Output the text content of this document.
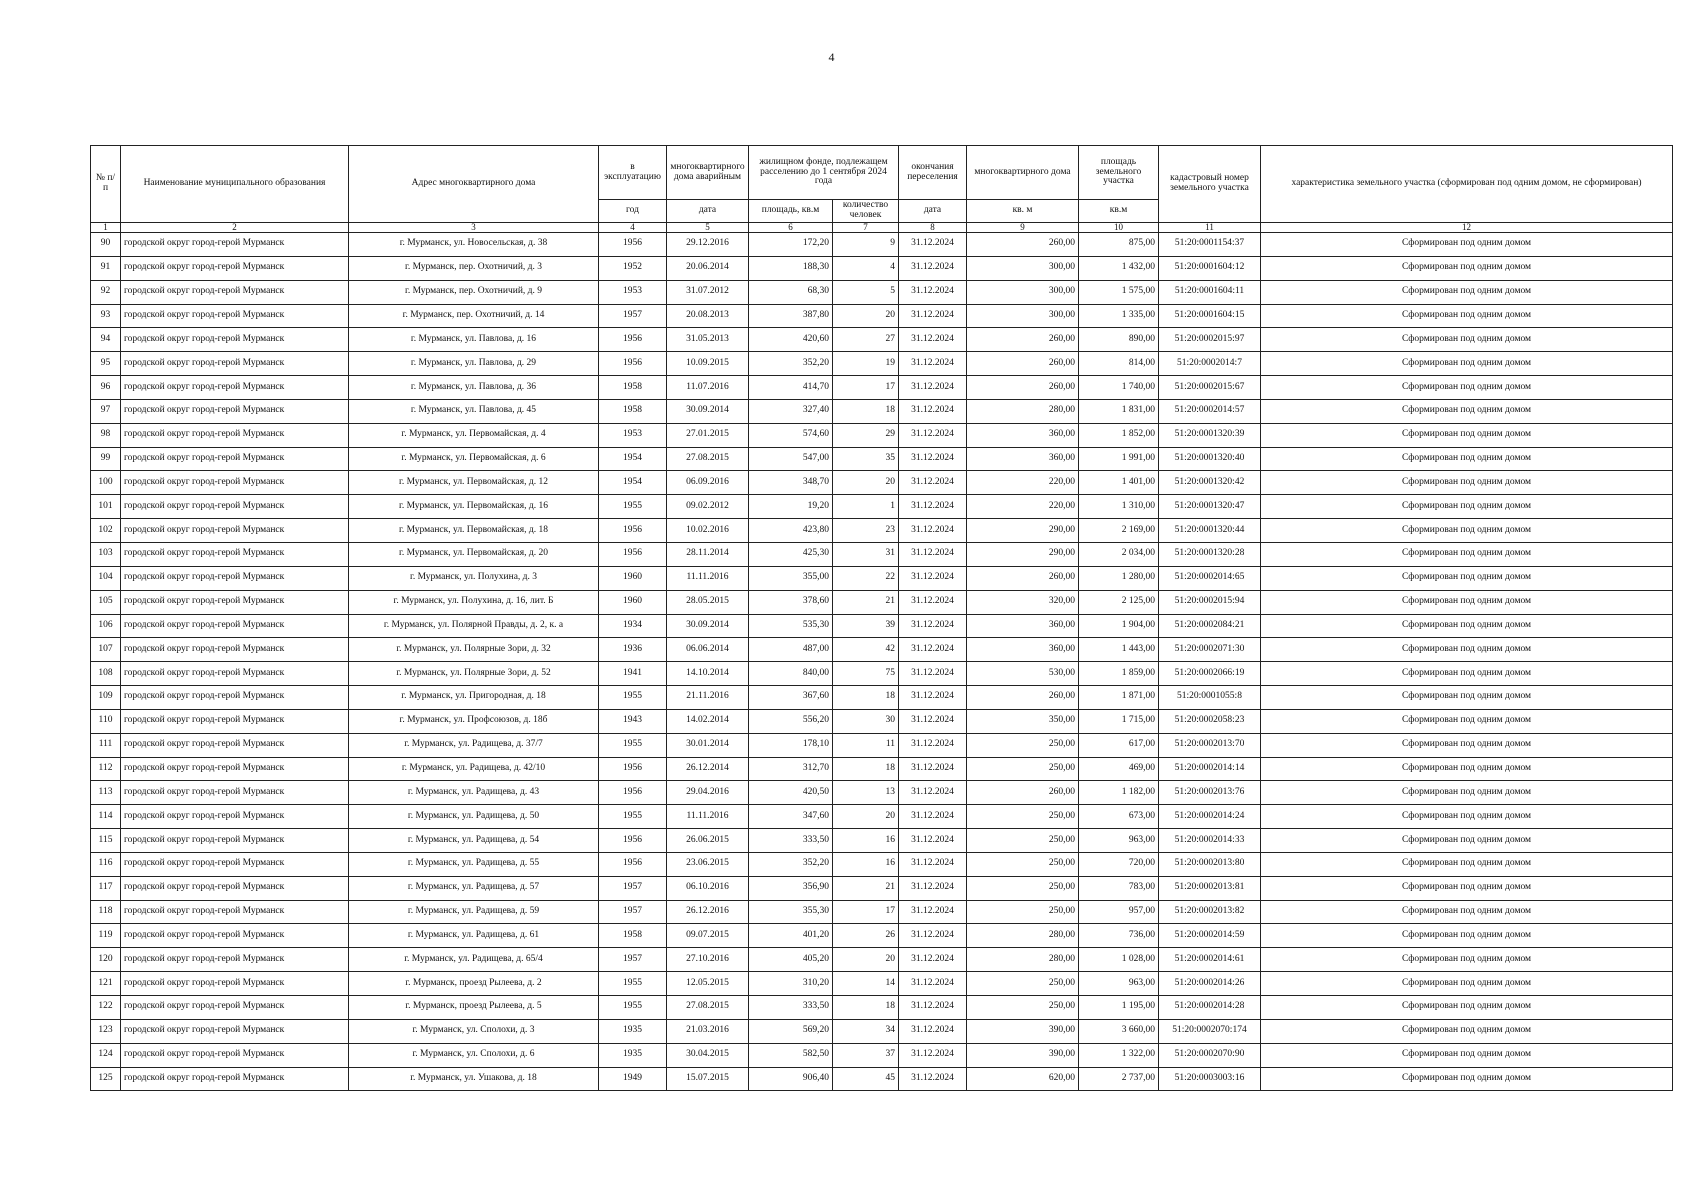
4
№ п/п	Наименование муниципального образования	Адрес многоквартирного дома	в эксплуатацию	многоквартирного дома аварийным	жилищном фонде, подлежащем расселению до 1 сентября 2024 года		окончания переселения	многоквартирного дома	площадь земельного участка	кадастровый номер земельного участка	характеристика земельного участка (сформирован под одним домом, не сформирован)
			год	дата	площадь, кв.м	количество человек	дата	кв. м	кв.м		
1	2	3	4	5	6	7	8	9	10	11	12
90	городской округ город-герой Мурманск	г. Мурманск, ул. Новосельская, д. 38	1956	29.12.2016	172,20	9	31.12.2024	260,00	875,00	51:20:0001154:37	Сформирован под одним домом
91	городской округ город-герой Мурманск	г. Мурманск, пер. Охотничий, д. 3	1952	20.06.2014	188,30	4	31.12.2024	300,00	1 432,00	51:20:0001604:12	Сформирован под одним домом
92	городской округ город-герой Мурманск	г. Мурманск, пер. Охотничий, д. 9	1953	31.07.2012	68,30	5	31.12.2024	300,00	1 575,00	51:20:0001604:11	Сформирован под одним домом
93	городской округ город-герой Мурманск	г. Мурманск, пер. Охотничий, д. 14	1957	20.08.2013	387,80	20	31.12.2024	300,00	1 335,00	51:20:0001604:15	Сформирован под одним домом
94	городской округ город-герой Мурманск	г. Мурманск, ул. Павлова, д. 16	1956	31.05.2013	420,60	27	31.12.2024	260,00	890,00	51:20:0002015:97	Сформирован под одним домом
95	городской округ город-герой Мурманск	г. Мурманск, ул. Павлова, д. 29	1956	10.09.2015	352,20	19	31.12.2024	260,00	814,00	51:20:0002014:7	Сформирован под одним домом
96	городской округ город-герой Мурманск	г. Мурманск, ул. Павлова, д. 36	1958	11.07.2016	414,70	17	31.12.2024	260,00	1 740,00	51:20:0002015:67	Сформирован под одним домом
97	городской округ город-герой Мурманск	г. Мурманск, ул. Павлова, д. 45	1958	30.09.2014	327,40	18	31.12.2024	280,00	1 831,00	51:20:0002014:57	Сформирован под одним домом
98	городской округ город-герой Мурманск	г. Мурманск, ул. Первомайская, д. 4	1953	27.01.2015	574,60	29	31.12.2024	360,00	1 852,00	51:20:0001320:39	Сформирован под одним домом
99	городской округ город-герой Мурманск	г. Мурманск, ул. Первомайская, д. 6	1954	27.08.2015	547,00	35	31.12.2024	360,00	1 991,00	51:20:0001320:40	Сформирован под одним домом
100	городской округ город-герой Мурманск	г. Мурманск, ул. Первомайская, д. 12	1954	06.09.2016	348,70	20	31.12.2024	220,00	1 401,00	51:20:0001320:42	Сформирован под одним домом
101	городской округ город-герой Мурманск	г. Мурманск, ул. Первомайская, д. 16	1955	09.02.2012	19,20	1	31.12.2024	220,00	1 310,00	51:20:0001320:47	Сформирован под одним домом
102	городской округ город-герой Мурманск	г. Мурманск, ул. Первомайская, д. 18	1956	10.02.2016	423,80	23	31.12.2024	290,00	2 169,00	51:20:0001320:44	Сформирован под одним домом
103	городской округ город-герой Мурманск	г. Мурманск, ул. Первомайская, д. 20	1956	28.11.2014	425,30	31	31.12.2024	290,00	2 034,00	51:20:0001320:28	Сформирован под одним домом
104	городской округ город-герой Мурманск	г. Мурманск, ул. Полухина, д. 3	1960	11.11.2016	355,00	22	31.12.2024	260,00	1 280,00	51:20:0002014:65	Сформирован под одним домом
105	городской округ город-герой Мурманск	г. Мурманск, ул. Полухина, д. 16, лит. Б	1960	28.05.2015	378,60	21	31.12.2024	320,00	2 125,00	51:20:0002015:94	Сформирован под одним домом
106	городской округ город-герой Мурманск	г. Мурманск, ул. Полярной Правды, д. 2, к. а	1934	30.09.2014	535,30	39	31.12.2024	360,00	1 904,00	51:20:0002084:21	Сформирован под одним домом
107	городской округ город-герой Мурманск	г. Мурманск, ул. Полярные Зори, д. 32	1936	06.06.2014	487,00	42	31.12.2024	360,00	1 443,00	51:20:0002071:30	Сформирован под одним домом
108	городской округ город-герой Мурманск	г. Мурманск, ул. Полярные Зори, д. 52	1941	14.10.2014	840,00	75	31.12.2024	530,00	1 859,00	51:20:0002066:19	Сформирован под одним домом
109	городской округ город-герой Мурманск	г. Мурманск, ул. Пригородная, д. 18	1955	21.11.2016	367,60	18	31.12.2024	260,00	1 871,00	51:20:0001055:8	Сформирован под одним домом
110	городской округ город-герой Мурманск	г. Мурманск, ул. Профсоюзов, д. 18б	1943	14.02.2014	556,20	30	31.12.2024	350,00	1 715,00	51:20:0002058:23	Сформирован под одним домом
111	городской округ город-герой Мурманск	г. Мурманск, ул. Радищева, д. 37/7	1955	30.01.2014	178,10	11	31.12.2024	250,00	617,00	51:20:0002013:70	Сформирован под одним домом
112	городской округ город-герой Мурманск	г. Мурманск, ул. Радищева, д. 42/10	1956	26.12.2014	312,70	18	31.12.2024	250,00	469,00	51:20:0002014:14	Сформирован под одним домом
113	городской округ город-герой Мурманск	г. Мурманск, ул. Радищева, д. 43	1956	29.04.2016	420,50	13	31.12.2024	260,00	1 182,00	51:20:0002013:76	Сформирован под одним домом
114	городской округ город-герой Мурманск	г. Мурманск, ул. Радищева, д. 50	1955	11.11.2016	347,60	20	31.12.2024	250,00	673,00	51:20:0002014:24	Сформирован под одним домом
115	городской округ город-герой Мурманск	г. Мурманск, ул. Радищева, д. 54	1956	26.06.2015	333,50	16	31.12.2024	250,00	963,00	51:20:0002014:33	Сформирован под одним домом
116	городской округ город-герой Мурманск	г. Мурманск, ул. Радищева, д. 55	1956	23.06.2015	352,20	16	31.12.2024	250,00	720,00	51:20:0002013:80	Сформирован под одним домом
117	городской округ город-герой Мурманск	г. Мурманск, ул. Радищева, д. 57	1957	06.10.2016	356,90	21	31.12.2024	250,00	783,00	51:20:0002013:81	Сформирован под одним домом
118	городской округ город-герой Мурманск	г. Мурманск, ул. Радищева, д. 59	1957	26.12.2016	355,30	17	31.12.2024	250,00	957,00	51:20:0002013:82	Сформирован под одним домом
119	городской округ город-герой Мурманск	г. Мурманск, ул. Радищева, д. 61	1958	09.07.2015	401,20	26	31.12.2024	280,00	736,00	51:20:0002014:59	Сформирован под одним домом
120	городской округ город-герой Мурманск	г. Мурманск, ул. Радищева, д. 65/4	1957	27.10.2016	405,20	20	31.12.2024	280,00	1 028,00	51:20:0002014:61	Сформирован под одним домом
121	городской округ город-герой Мурманск	г. Мурманск, проезд Рылеева, д. 2	1955	12.05.2015	310,20	14	31.12.2024	250,00	963,00	51:20:0002014:26	Сформирован под одним домом
122	городской округ город-герой Мурманск	г. Мурманск, проезд Рылеева, д. 5	1955	27.08.2015	333,50	18	31.12.2024	250,00	1 195,00	51:20:0002014:28	Сформирован под одним домом
123	городской округ город-герой Мурманск	г. Мурманск, ул. Сполохи, д. 3	1935	21.03.2016	569,20	34	31.12.2024	390,00	3 660,00	51:20:0002070:174	Сформирован под одним домом
124	городской округ город-герой Мурманск	г. Мурманск, ул. Сполохи, д. 6	1935	30.04.2015	582,50	37	31.12.2024	390,00	1 322,00	51:20:0002070:90	Сформирован под одним домом
125	городской округ город-герой Мурманск	г. Мурманск, ул. Ушакова, д. 18	1949	15.07.2015	906,40	45	31.12.2024	620,00	2 737,00	51:20:0003003:16	Сформирован под одним домом
